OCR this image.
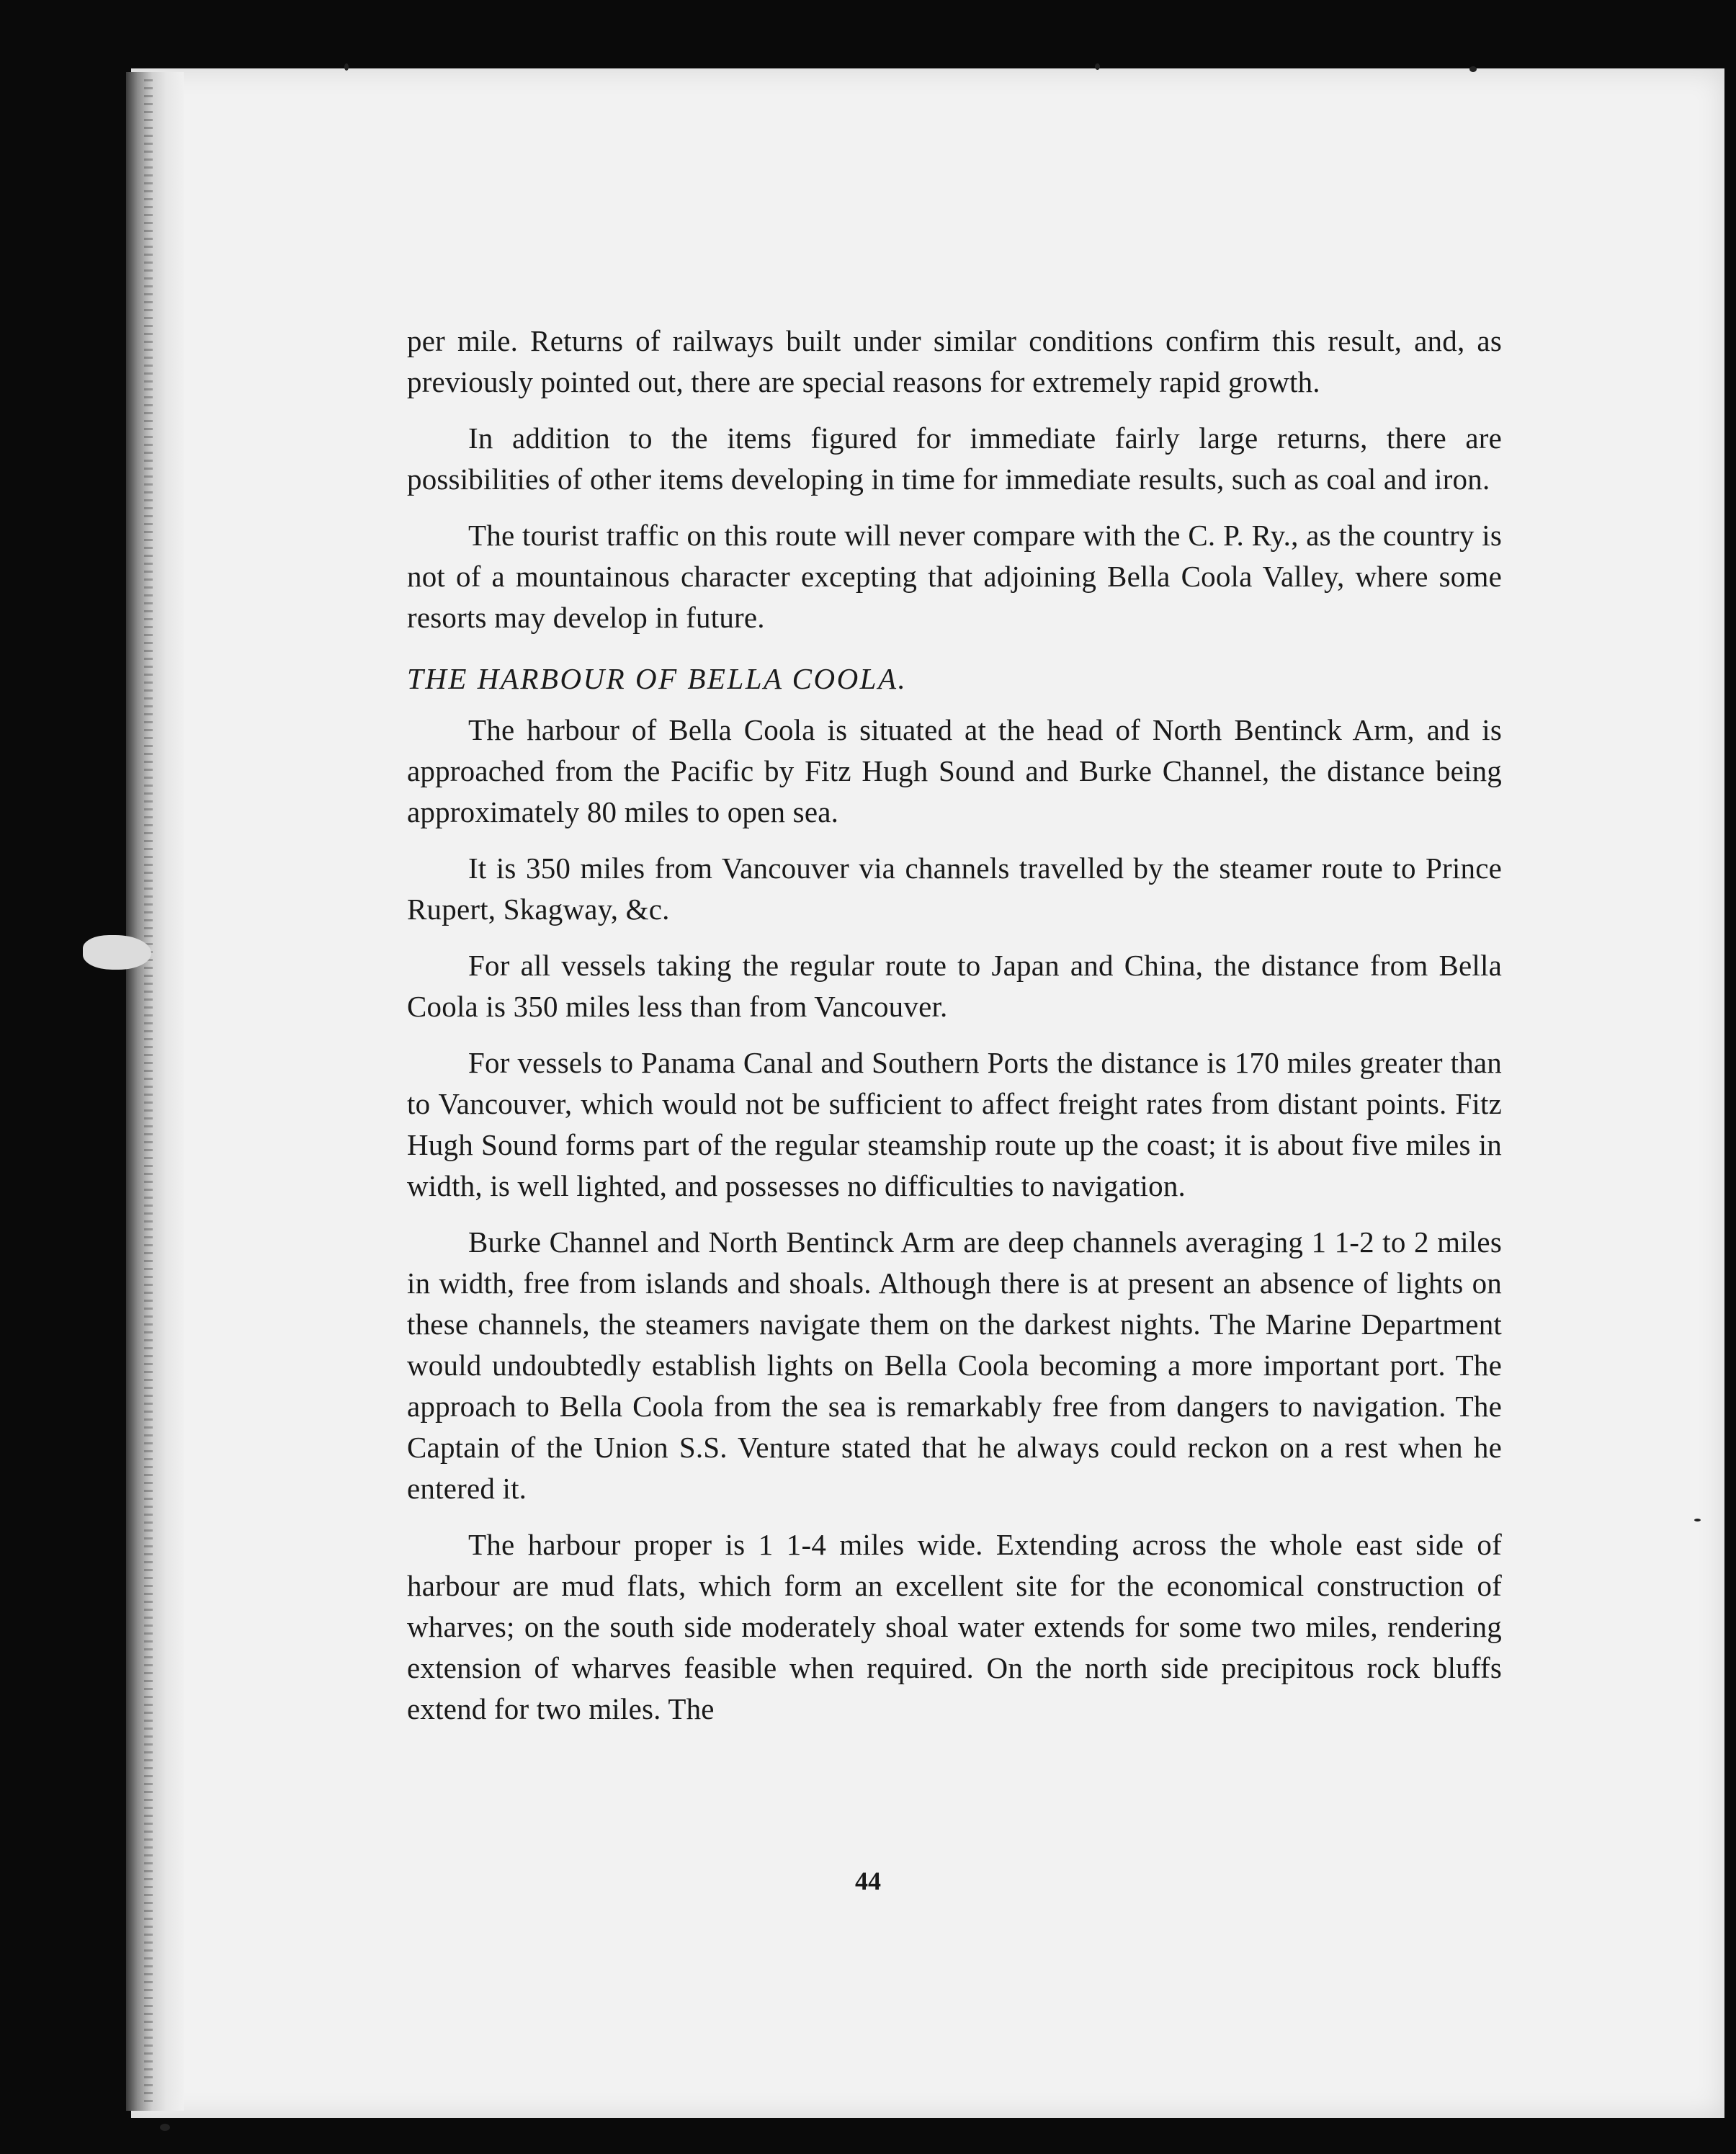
per mile. Returns of railways built under similar conditions confirm this result, and, as previously pointed out, there are special reasons for extremely rapid growth.

In addition to the items figured for immediate fairly large returns, there are possibilities of other items developing in time for immediate results, such as coal and iron.

The tourist traffic on this route will never compare with the C. P. Ry., as the country is not of a mountainous character excepting that adjoining Bella Coola Valley, where some resorts may develop in future.

THE HARBOUR OF BELLA COOLA.

The harbour of Bella Coola is situated at the head of North Bentinck Arm, and is approached from the Pacific by Fitz Hugh Sound and Burke Channel, the distance being approximately 80 miles to open sea.

It is 350 miles from Vancouver via channels travelled by the steamer route to Prince Rupert, Skagway, &c.

For all vessels taking the regular route to Japan and China, the distance from Bella Coola is 350 miles less than from Vancouver.

For vessels to Panama Canal and Southern Ports the distance is 170 miles greater than to Vancouver, which would not be sufficient to affect freight rates from distant points. Fitz Hugh Sound forms part of the regular steamship route up the coast; it is about five miles in width, is well lighted, and possesses no difficulties to navigation.

Burke Channel and North Bentinck Arm are deep channels averaging 1 1-2 to 2 miles in width, free from islands and shoals. Although there is at present an absence of lights on these channels, the steamers navigate them on the darkest nights. The Marine Department would undoubtedly establish lights on Bella Coola becoming a more important port. The approach to Bella Coola from the sea is remarkably free from dangers to navigation. The Captain of the Union S.S. Venture stated that he always could reckon on a rest when he entered it.

The harbour proper is 1 1-4 miles wide. Extending across the whole east side of harbour are mud flats, which form an excellent site for the economical construction of wharves; on the south side moderately shoal water extends for some two miles, rendering extension of wharves feasible when required. On the north side precipitous rock bluffs extend for two miles. The

44
